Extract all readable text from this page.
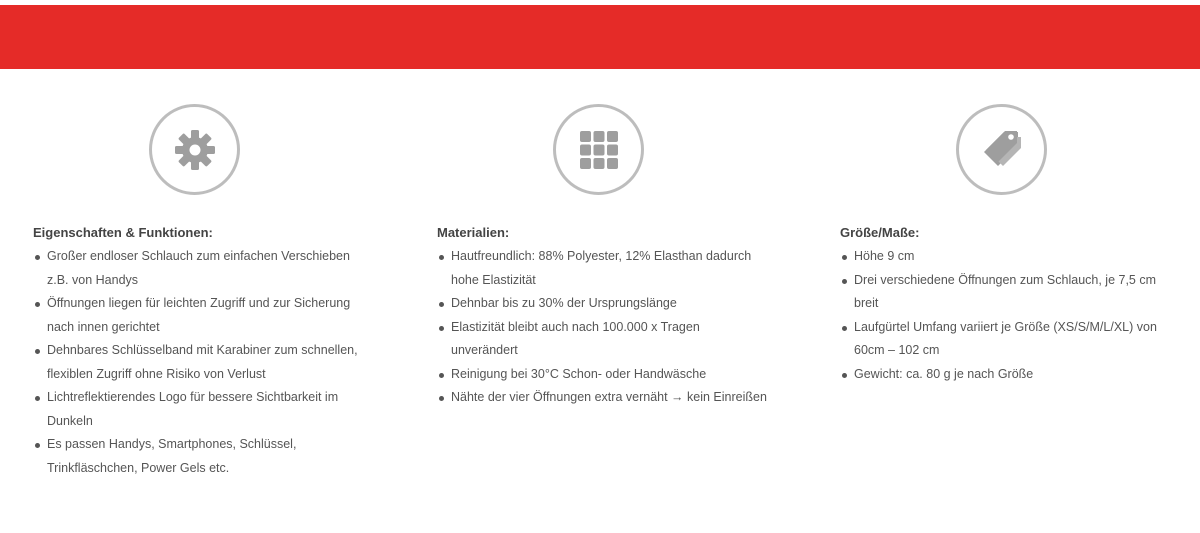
Eigenschaften & Funktionen:
Großer endloser Schlauch zum einfachen Verschieben z.B. von Handys
Öffnungen liegen für leichten Zugriff und zur Sicherung nach innen gerichtet
Dehnbares Schlüsselband mit Karabiner zum schnellen, flexiblen Zugriff ohne Risiko von Verlust
Lichtreflektierendes Logo für bessere Sichtbarkeit im Dunkeln
Es passen Handys, Smartphones, Schlüssel, Trinkfläschchen, Power Gels etc.
Materialien:
Hautfreundlich: 88% Polyester, 12% Elasthan dadurch hohe Elastizität
Dehnbar bis zu 30% der Ursprungslänge
Elastizität bleibt auch nach 100.000 x Tragen unverändert
Reinigung bei 30°C Schon- oder Handwäsche
Nähte der vier Öffnungen extra vernäht → kein Einreißen
Größe/Maße:
Höhe 9 cm
Drei verschiedene Öffnungen zum Schlauch, je 7,5 cm breit
Laufgürtel Umfang variiert je Größe (XS/S/M/L/XL) von 60cm – 102 cm
Gewicht: ca. 80 g je nach Größe
